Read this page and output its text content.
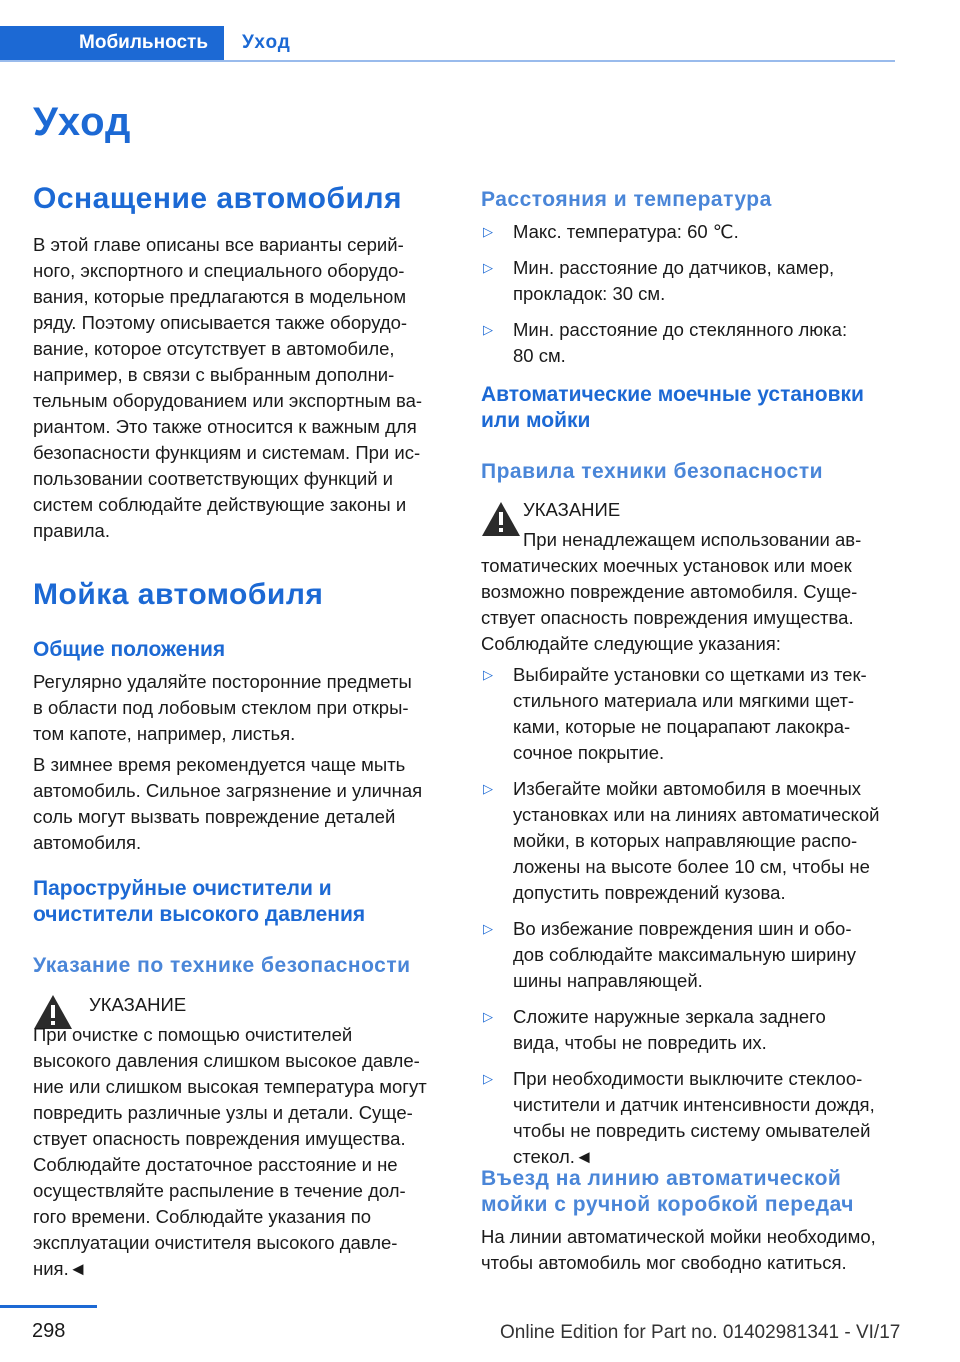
Мобильность	Уход
Уход
Оснащение автомобиля
В этой главе описаны все варианты серий-
ного, экспортного и специального оборудо-
вания, которые предлагаются в модельном
ряду. Поэтому описывается также оборудо-
вание, которое отсутствует в автомобиле,
например, в связи с выбранным дополни-
тельным оборудованием или экспортным ва-
риантом. Это также относится к важным для
безопасности функциям и системам. При ис-
пользовании соответствующих функций и
систем соблюдайте действующие законы и
правила.
Мойка автомобиля
Общие положения
Регулярно удаляйте посторонние предметы
в области под лобовым стеклом при откры-
том капоте, например, листья.
В зимнее время рекомендуется чаще мыть
автомобиль. Сильное загрязнение и уличная
соль могут вызвать повреждение деталей
автомобиля.
Пароструйные очистители и
очистители высокого давления
Указание по технике безопасности
УКАЗАНИЕ
При очистке с помощью очистителей
высокого давления слишком высокое давле-
ние или слишком высокая температура могут
повредить различные узлы и детали. Суще-
ствует опасность повреждения имущества.
Соблюдайте достаточное расстояние и не
осуществляйте распыление в течение дол-
гого времени. Соблюдайте указания по
эксплуатации очистителя высокого давле-
ния.◄
Расстояния и температура
▷ Макс. температура: 60 ℃.
▷ Мин. расстояние до датчиков, камер,
прокладок: 30 см.
▷ Мин. расстояние до стеклянного люка:
80 см.
Автоматические моечные установки
или мойки
Правила техники безопасности
УКАЗАНИЕ
При ненадлежащем использовании ав-
томатических моечных установок или моек
возможно повреждение автомобиля. Суще-
ствует опасность повреждения имущества.
Соблюдайте следующие указания:
▷ Выбирайте установки со щетками из тек-
стильного материала или мягкими щет-
ками, которые не поцарапают лакокра-
сочное покрытие.
▷ Избегайте мойки автомобиля в моечных
установках или на линиях автоматической
мойки, в которых направляющие распо-
ложены на высоте более 10 см, чтобы не
допустить повреждений кузова.
▷ Во избежание повреждения шин и обо-
дов соблюдайте максимальную ширину
шины направляющей.
▷ Сложите наружные зеркала заднего
вида, чтобы не повредить их.
▷ При необходимости выключите стеклоо-
чистители и датчик интенсивности дождя,
чтобы не повредить систему омывателей
стекол.◄
Въезд на линию автоматической
мойки с ручной коробкой передач
На линии автоматической мойки необходимо,
чтобы автомобиль мог свободно катиться.
298	Online Edition for Part no. 01402981341 - VI/17
